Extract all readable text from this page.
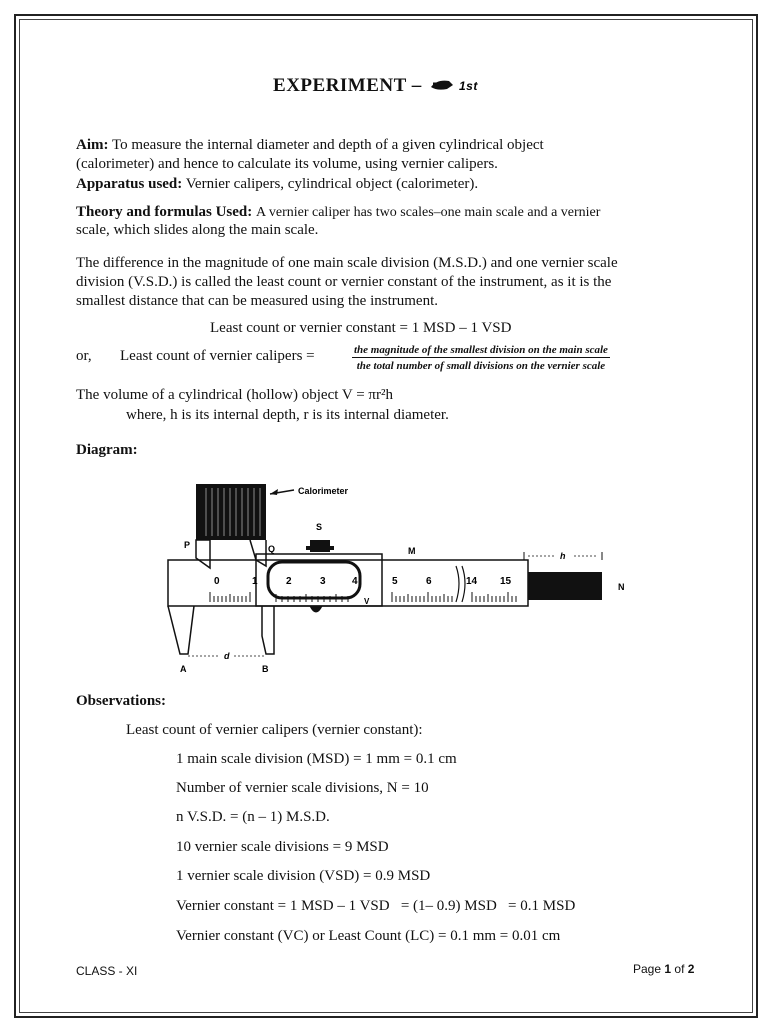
EXPERIMENT –	1st
Aim: To measure the internal diameter and depth of a given cylindrical object
(calorimeter) and hence to calculate its volume, using vernier calipers.
Apparatus used: Vernier calipers, cylindrical object (calorimeter).
Theory and formulas Used: A vernier caliper has two scales–one main scale and a vernier
scale, which slides along the main scale.
The difference in the magnitude of one main scale division (M.S.D.) and one vernier scale
division (V.S.D.) is called the least count or vernier constant of the instrument, as it is the
smallest distance that can be measured using the instrument.
Least count or vernier constant = 1 MSD – 1 VSD
or, Least count of vernier calipers =	$\frac{\text{the magnitude of the smallest division on the main scale}}{\text{the total number of small divisions on the vernier scale}}$
The volume of a cylindrical (hollow) object V = πr²h
where, h is its internal depth, r is its internal diameter.
Diagram:
Calorimeter
P	Q
S
M
0	1	2	3	4	5	6	14 15
V
N
h
d
A	B
Observations:
Least count of vernier calipers (vernier constant):
1 main scale division (MSD) = 1 mm = 0.1 cm
Number of vernier scale divisions, N = 10
n V.S.D. = (n – 1) M.S.D.
10 vernier scale divisions = 9 MSD
1 vernier scale division (VSD) = 0.9 MSD
Vernier constant = 1 MSD – 1 VSD   = (1– 0.9) MSD   = 0.1 MSD
Vernier constant (VC) or Least Count (LC) = 0.1 mm = 0.01 cm
CLASS - XI	Page 1 of 2
